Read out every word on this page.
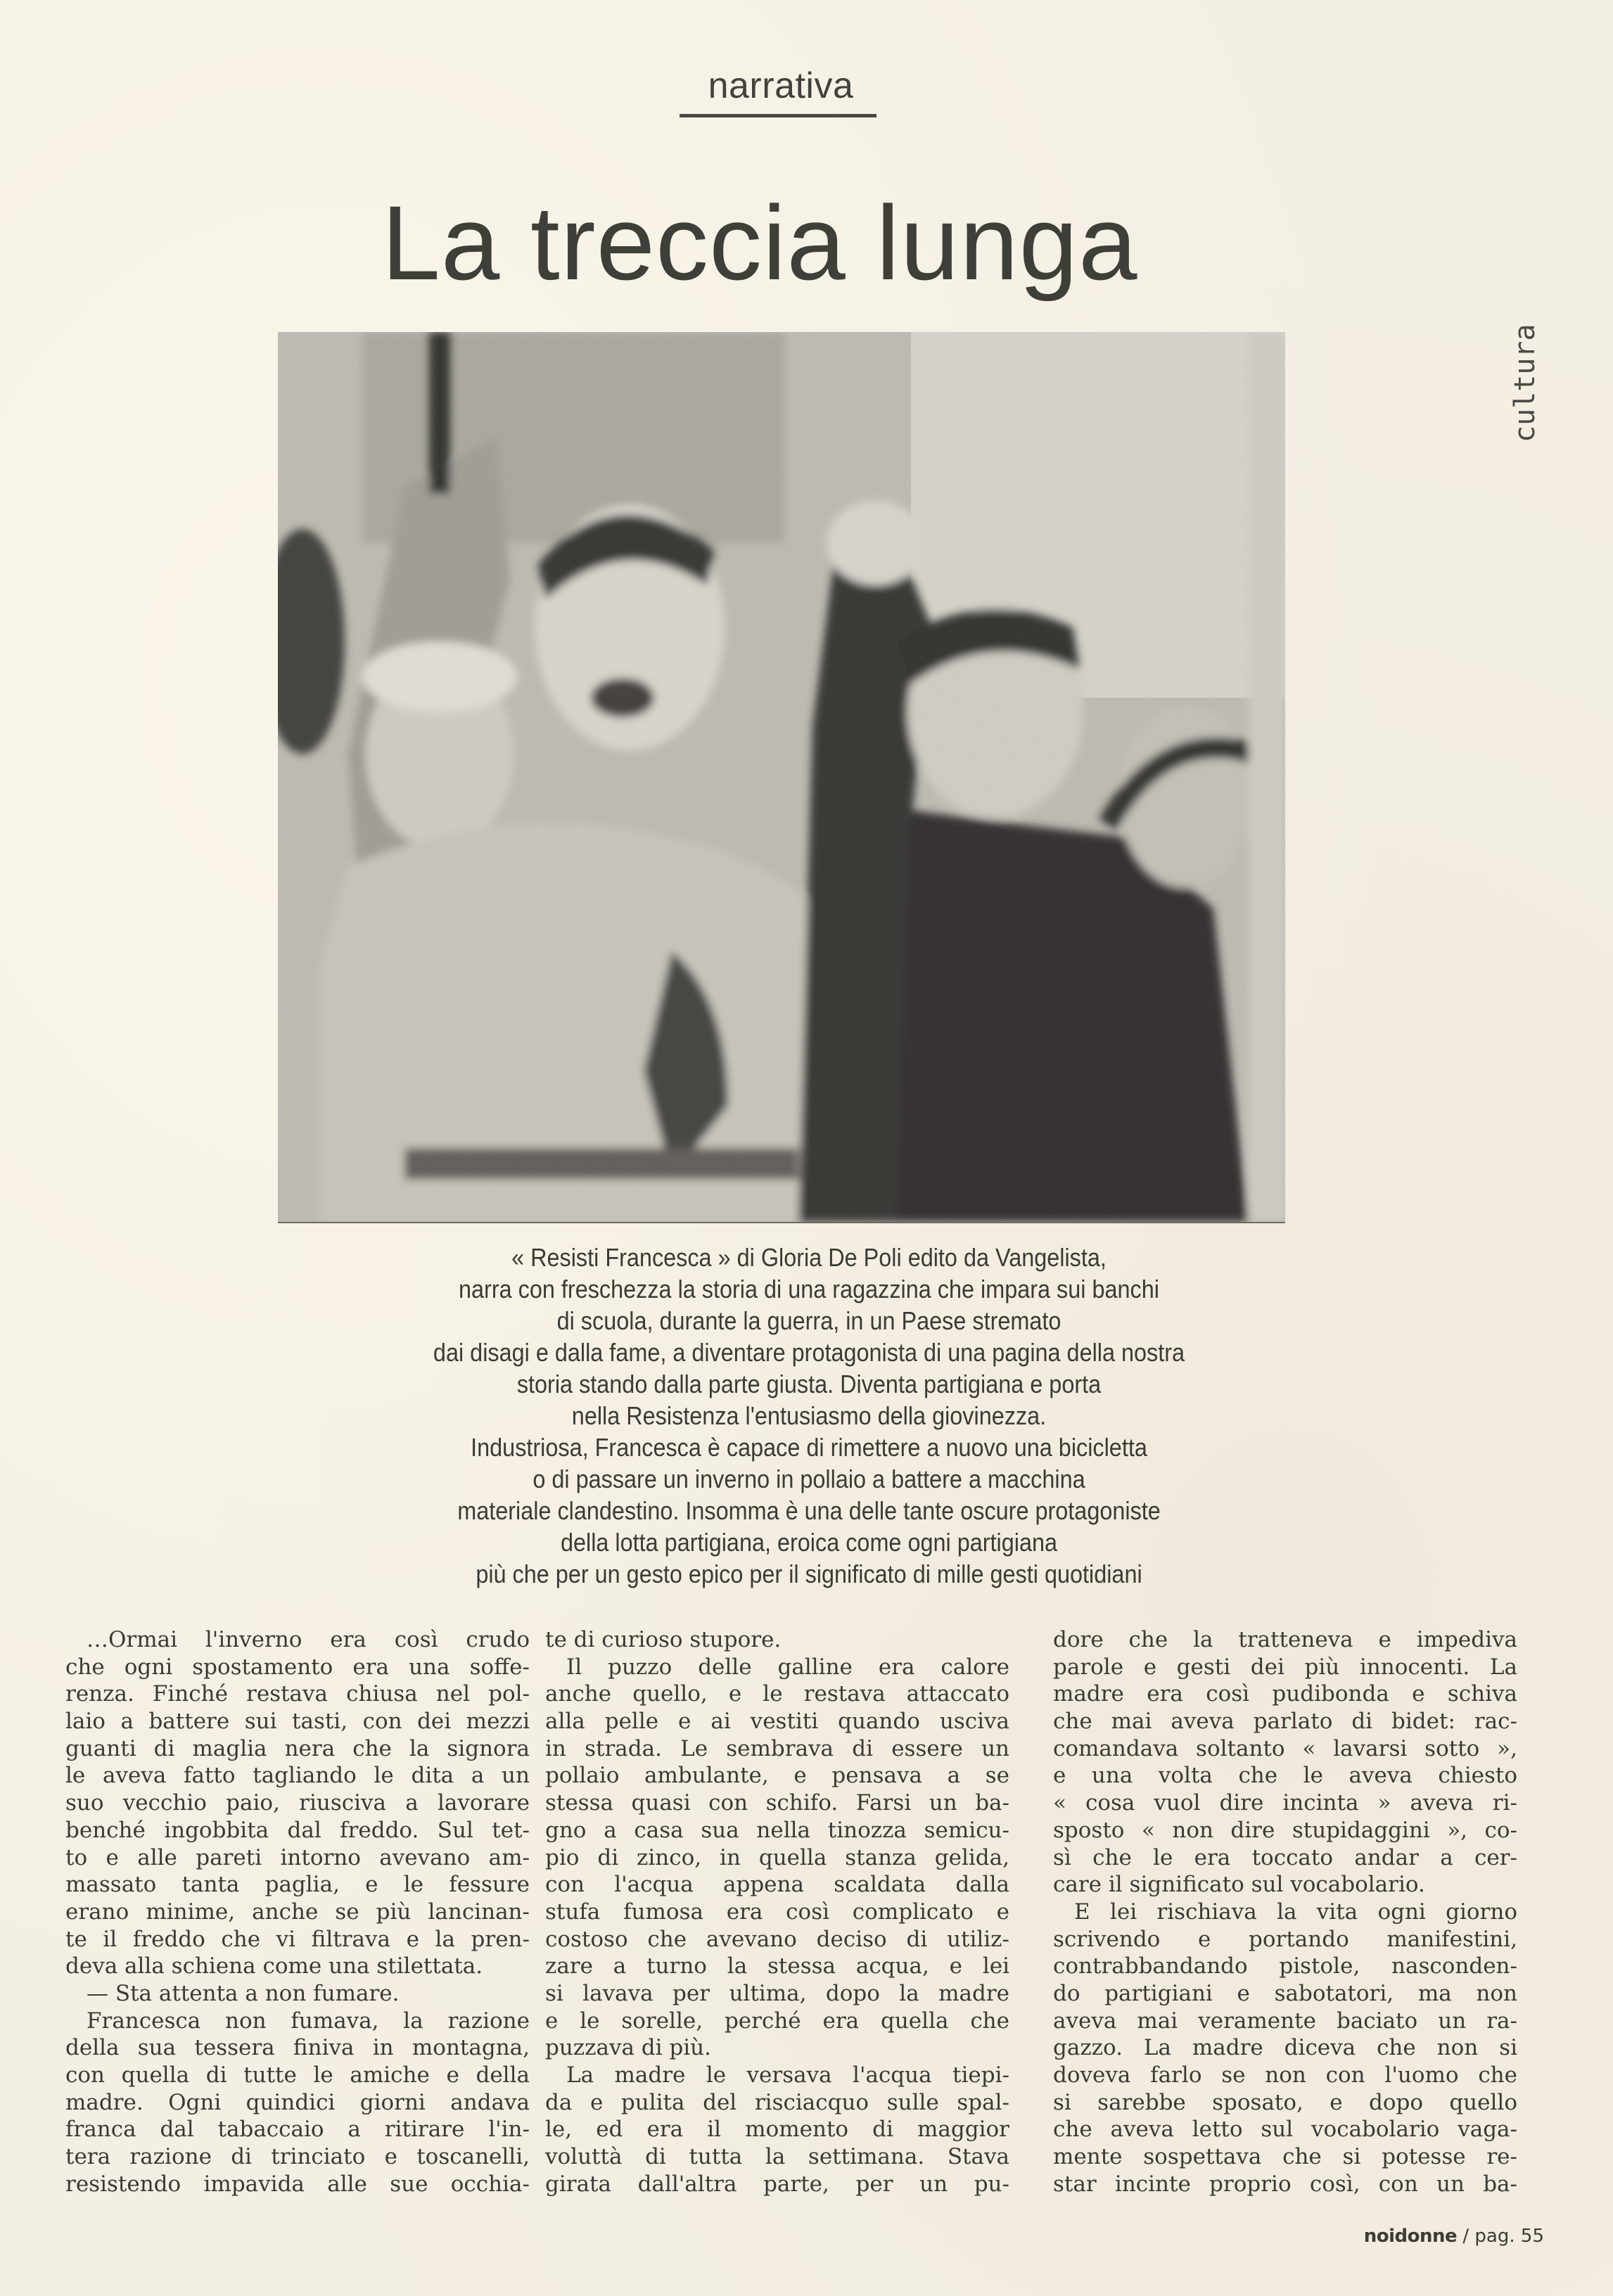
narrativa
La treccia lunga
cultura
« Resisti Francesca » di Gloria De Poli edito da Vangelista,
narra con freschezza la storia di una ragazzina che impara sui banchi
di scuola, durante la guerra, in un Paese stremato
dai disagi e dalla fame, a diventare protagonista di una pagina della nostra
storia stando dalla parte giusta. Diventa partigiana e porta
nella Resistenza l'entusiasmo della giovinezza.
Industriosa, Francesca è capace di rimettere a nuovo una bicicletta
o di passare un inverno in pollaio a battere a macchina
materiale clandestino. Insomma è una delle tante oscure protagoniste
della lotta partigiana, eroica come ogni partigiana
più che per un gesto epico per il significato di mille gesti quotidiani
…Ormai l'inverno era così crudo
che ogni spostamento era una soffe-
renza. Finché restava chiusa nel pol-
laio a battere sui tasti, con dei mezzi
guanti di maglia nera che la signora
le aveva fatto tagliando le dita a un
suo vecchio paio, riusciva a lavorare
benché ingobbita dal freddo. Sul tet-
to e alle pareti intorno avevano am-
massato tanta paglia, e le fessure
erano minime, anche se più lancinan-
te il freddo che vi filtrava e la pren-
deva alla schiena come una stilettata.
— Sta attenta a non fumare.
Francesca non fumava, la razione
della sua tessera finiva in montagna,
con quella di tutte le amiche e della
madre. Ogni quindici giorni andava
franca dal tabaccaio a ritirare l'in-
tera razione di trinciato e toscanelli,
resistendo impavida alle sue occhia-
te di curioso stupore.
Il puzzo delle galline era calore
anche quello, e le restava attaccato
alla pelle e ai vestiti quando usciva
in strada. Le sembrava di essere un
pollaio ambulante, e pensava a se
stessa quasi con schifo. Farsi un ba-
gno a casa sua nella tinozza semicu-
pio di zinco, in quella stanza gelida,
con l'acqua appena scaldata dalla
stufa fumosa era così complicato e
costoso che avevano deciso di utiliz-
zare a turno la stessa acqua, e lei
si lavava per ultima, dopo la madre
e le sorelle, perché era quella che
puzzava di più.
La madre le versava l'acqua tiepi-
da e pulita del risciacquo sulle spal-
le, ed era il momento di maggior
voluttà di tutta la settimana. Stava
girata dall'altra parte, per un pu-
dore che la tratteneva e impediva
parole e gesti dei più innocenti. La
madre era così pudibonda e schiva
che mai aveva parlato di bidet: rac-
comandava soltanto « lavarsi sotto »,
e una volta che le aveva chiesto
« cosa vuol dire incinta » aveva ri-
sposto « non dire stupidaggini », co-
sì che le era toccato andar a cer-
care il significato sul vocabolario.
E lei rischiava la vita ogni giorno
scrivendo e portando manifestini,
contrabbandando pistole, nasconden-
do partigiani e sabotatori, ma non
aveva mai veramente baciato un ra-
gazzo. La madre diceva che non si
doveva farlo se non con l'uomo che
si sarebbe sposato, e dopo quello
che aveva letto sul vocabolario vaga-
mente sospettava che si potesse re-
star incinte proprio così, con un ba-
noidonne / pag. 55
